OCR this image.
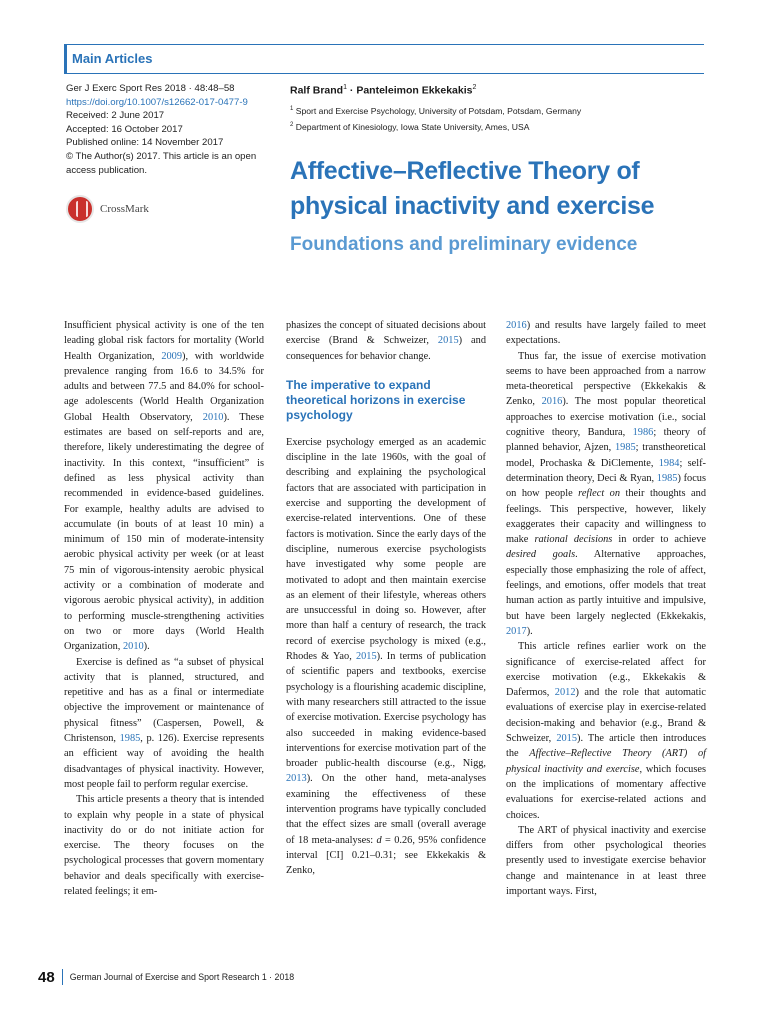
Main Articles
Ger J Exerc Sport Res 2018 · 48:48–58
https://doi.org/10.1007/s12662-017-0477-9
Received: 2 June 2017
Accepted: 16 October 2017
Published online: 14 November 2017
© The Author(s) 2017. This article is an open access publication.
CrossMark
Ralf Brand$^1$ · Panteleimon Ekkekakis$^2$
$^1$ Sport and Exercise Psychology, University of Potsdam, Potsdam, Germany
$^2$ Department of Kinesiology, Iowa State University, Ames, USA
Affective–Reflective Theory of
physical inactivity and exercise
Foundations and preliminary evidence

Insufficient physical activity is one of the ten leading global risk factors for mortality (World Health Organization, 2009), with worldwide prevalence ranging from 16.6 to 34.5% for adults and between 77.5 and 84.0% for school-age adolescents (World Health Organization Global Health Observatory, 2010). These estimates are based on self-reports and are, therefore, likely underestimating the degree of inactivity. In this context, “insufficient” is defined as less physical activity than recommended in evidence-based guidelines. For example, healthy adults are advised to accumulate (in bouts of at least 10 min) a minimum of 150 min of moderate-intensity aerobic physical activity per week (or at least 75 min of vigorous-intensity aerobic physical activity or a combination of moderate and vigorous aerobic physical activity), in addition to performing muscle-strengthening activities on two or more days (World Health Organization, 2010).

Exercise is defined as “a subset of physical activity that is planned, structured, and repetitive and has as a final or intermediate objective the improvement or maintenance of physical fitness” (Caspersen, Powell, & Christenson, 1985, p. 126). Exercise represents an efficient way of avoiding the health disadvantages of physical inactivity. However, most people fail to perform regular exercise.

This article presents a theory that is intended to explain why people in a state of physical inactivity do or do not initiate action for exercise. The theory focuses on the psychological processes that govern momentary behavior and deals specifically with exercise-related feelings; it em-

phasizes the concept of situated decisions about exercise (Brand & Schweizer, 2015) and consequences for behavior change.

The imperative to expand theoretical horizons in exercise psychology

Exercise psychology emerged as an academic discipline in the late 1960s, with the goal of describing and explaining the psychological factors that are associated with participation in exercise and supporting the development of exercise-related interventions. One of these factors is motivation. Since the early days of the discipline, numerous exercise psychologists have investigated why some people are motivated to adopt and then maintain exercise as an element of their lifestyle, whereas others are unsuccessful in doing so. However, after more than half a century of research, the track record of exercise psychology is mixed (e.g., Rhodes & Yao, 2015). In terms of publication of scientific papers and textbooks, exercise psychology is a flourishing academic discipline, with many researchers still attracted to the issue of exercise motivation. Exercise psychology has also succeeded in making evidence-based interventions for exercise motivation part of the broader public-health discourse (e.g., Nigg, 2013). On the other hand, meta-analyses examining the effectiveness of these intervention programs have typically concluded that the effect sizes are small (overall average of 18 meta-analyses: d = 0.26, 95% confidence interval [CI] 0.21–0.31; see Ekkekakis & Zenko,

2016) and results have largely failed to meet expectations.

Thus far, the issue of exercise motivation seems to have been approached from a narrow meta-theoretical perspective (Ekkekakis & Zenko, 2016). The most popular theoretical approaches to exercise motivation (i.e., social cognitive theory, Bandura, 1986; theory of planned behavior, Ajzen, 1985; transtheoretical model, Prochaska & DiClemente, 1984; self-determination theory, Deci & Ryan, 1985) focus on how people reflect on their thoughts and feelings. This perspective, however, likely exaggerates their capacity and willingness to make rational decisions in order to achieve desired goals. Alternative approaches, especially those emphasizing the role of affect, feelings, and emotions, offer models that treat human action as partly intuitive and impulsive, but have been largely neglected (Ekkekakis, 2017).

This article refines earlier work on the significance of exercise-related affect for exercise motivation (e.g., Ekkekakis & Dafermos, 2012) and the role that automatic evaluations of exercise play in exercise-related decision-making and behavior (e.g., Brand & Schweizer, 2015). The article then introduces the Affective–Reflective Theory (ART) of physical inactivity and exercise, which focuses on the implications of momentary affective evaluations for exercise-related actions and choices.

The ART of physical inactivity and exercise differs from other psychological theories presently used to investigate exercise behavior change and maintenance in at least three important ways. First,

48 German Journal of Exercise and Sport Research 1 · 2018
